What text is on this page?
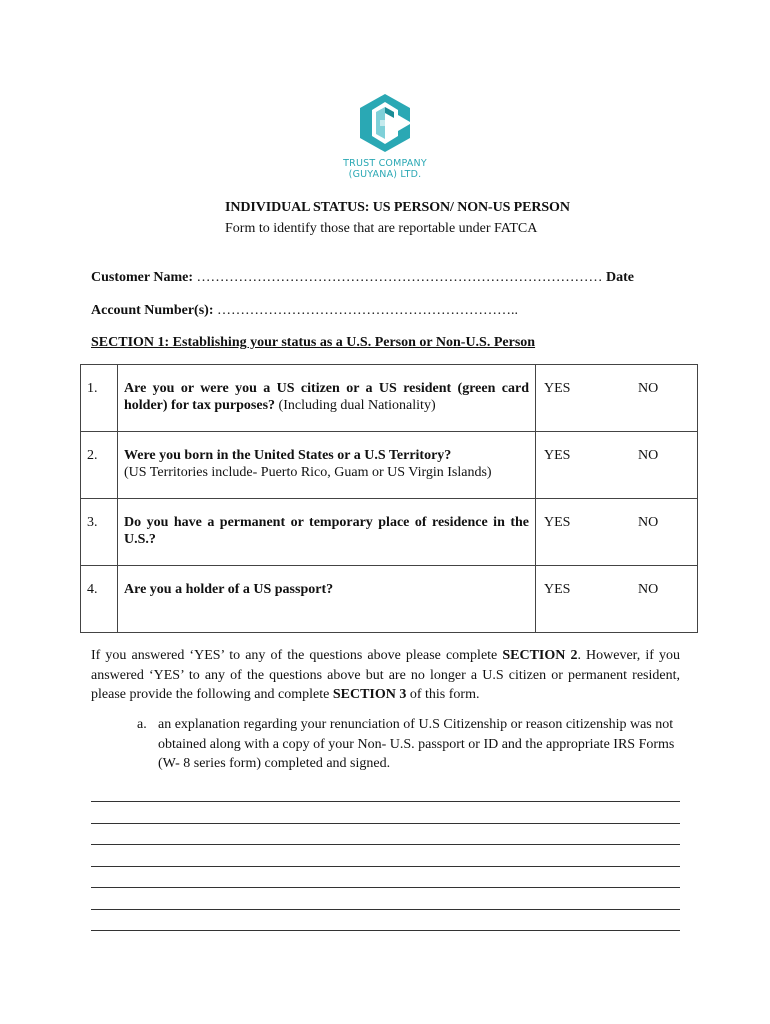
TRUST COMPANY
(GUYANA) LTD.
INDIVIDUAL STATUS: US PERSON/ NON-US PERSON
Form to identify those that are reportable under FATCA
Customer Name: …………………………………………………………………………… Date
Account Number(s): ………………………………………………………..
SECTION 1: Establishing your status as a U.S. Person or Non-U.S. Person
1.	Are you or were you a US citizen or a US resident (green card holder) for tax purposes? (Including dual Nationality)	YES	NO
2.	Were you born in the United States or a U.S Territory?
(US Territories include- Puerto Rico, Guam or US Virgin Islands)	YES	NO
3.	Do you have a permanent or temporary place of residence in the U.S.?	YES	NO
4.	Are you a holder of a US passport?	YES	NO
If you answered ‘YES’ to any of the questions above please complete SECTION 2. However, if you answered ‘YES’ to any of the questions above but are no longer a U.S citizen or permanent resident, please provide the following and complete SECTION 3 of this form.
a. an explanation regarding your renunciation of U.S Citizenship or reason citizenship was not obtained along with a copy of your Non- U.S. passport or ID and the appropriate IRS Forms (W- 8 series form) completed and signed.
